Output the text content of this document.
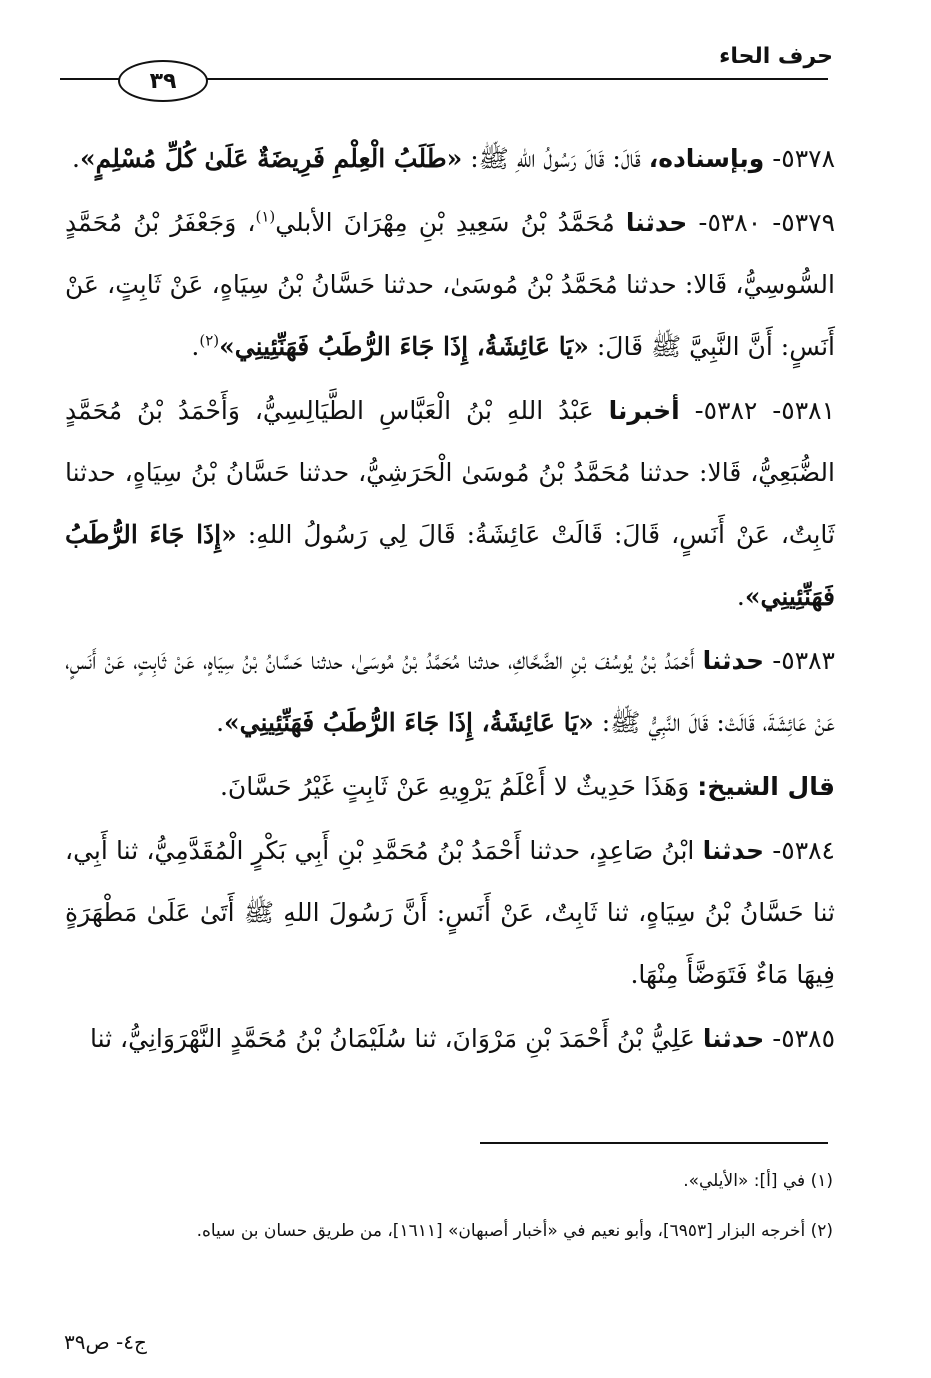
حرف الحاء
٣٩

٥٣٧٨- وبإسناده، قَالَ: قَالَ رَسُولُ اللهِ ﷺ: «طَلَبُ الْعِلْمِ فَرِيضَةٌ عَلَىٰ كُلِّ مُسْلِمٍ».

٥٣٧٩- ٥٣٨٠- حدثنا مُحَمَّدُ بْنُ سَعِيدِ بْنِ مِهْرَانَ الأبلي$^{(١)}$، وَجَعْفَرُ بْنُ مُحَمَّدٍ السُّوسِيُّ، قَالا: حدثنا مُحَمَّدُ بْنُ مُوسَىٰ، حدثنا حَسَّانُ بْنُ سِيَاهٍ، عَنْ ثَابِتٍ، عَنْ أَنَسٍ: أَنَّ النَّبِيَّ ﷺ قَالَ: «يَا عَائِشَةُ، إِذَا جَاءَ الرُّطَبُ فَهَنِّئِينِي»$^{(٢)}$.

٥٣٨١- ٥٣٨٢- أخبرنا عَبْدُ اللهِ بْنُ الْعَبَّاسِ الطَّيَالِسِيُّ، وَأَحْمَدُ بْنُ مُحَمَّدٍ الضُّبَعِيُّ، قَالا: حدثنا مُحَمَّدُ بْنُ مُوسَىٰ الْحَرَشِيُّ، حدثنا حَسَّانُ بْنُ سِيَاهٍ، حدثنا ثَابِتٌ، عَنْ أَنَسٍ، قَالَ: قَالَتْ عَائِشَةُ: قَالَ لِي رَسُولُ اللهِ: «إِذَا جَاءَ الرُّطَبُ فَهَنِّئِينِي».

٥٣٨٣- حدثنا أَحْمَدُ بْنُ يُوسُفَ بْنِ الضَّحَّاكِ، حدثنا مُحَمَّدُ بْنُ مُوسَىٰ، حدثنا حَسَّانُ بْنُ سِيَاهٍ، عَنْ ثَابِتٍ، عَنْ أَنَسٍ، عَنْ عَائِشَةَ، قَالَتْ: قَالَ النَّبِيُّ ﷺ: «يَا عَائِشَةُ، إِذَا جَاءَ الرُّطَبُ فَهَنِّئِينِي».

قال الشيخ: وَهَذَا حَدِيثٌ لا أَعْلَمُ يَرْوِيهِ عَنْ ثَابِتٍ غَيْرُ حَسَّانَ.

٥٣٨٤- حدثنا ابْنُ صَاعِدٍ، حدثنا أَحْمَدُ بْنُ مُحَمَّدِ بْنِ أَبِي بَكْرٍ الْمُقَدَّمِيُّ، ثنا أَبِي، ثنا حَسَّانُ بْنُ سِيَاهٍ، ثنا ثَابِتٌ، عَنْ أَنَسٍ: أَنَّ رَسُولَ اللهِ ﷺ أَتَىٰ عَلَىٰ مَطْهَرَةٍ فِيهَا مَاءٌ فَتَوَضَّأَ مِنْهَا.

٥٣٨٥- حدثنا عَلِيُّ بْنُ أَحْمَدَ بْنِ مَرْوَانَ، ثنا سُلَيْمَانُ بْنُ مُحَمَّدٍ النَّهْرَوَانِيُّ، ثنا

(١) في [أ]: «الأيلي».

(٢) أخرجه البزار [٦٩٥٣]، وأبو نعيم في «أخبار أصبهان» [١٦١١]، من طريق حسان بن سياه.

ج٤- ص٣٩
